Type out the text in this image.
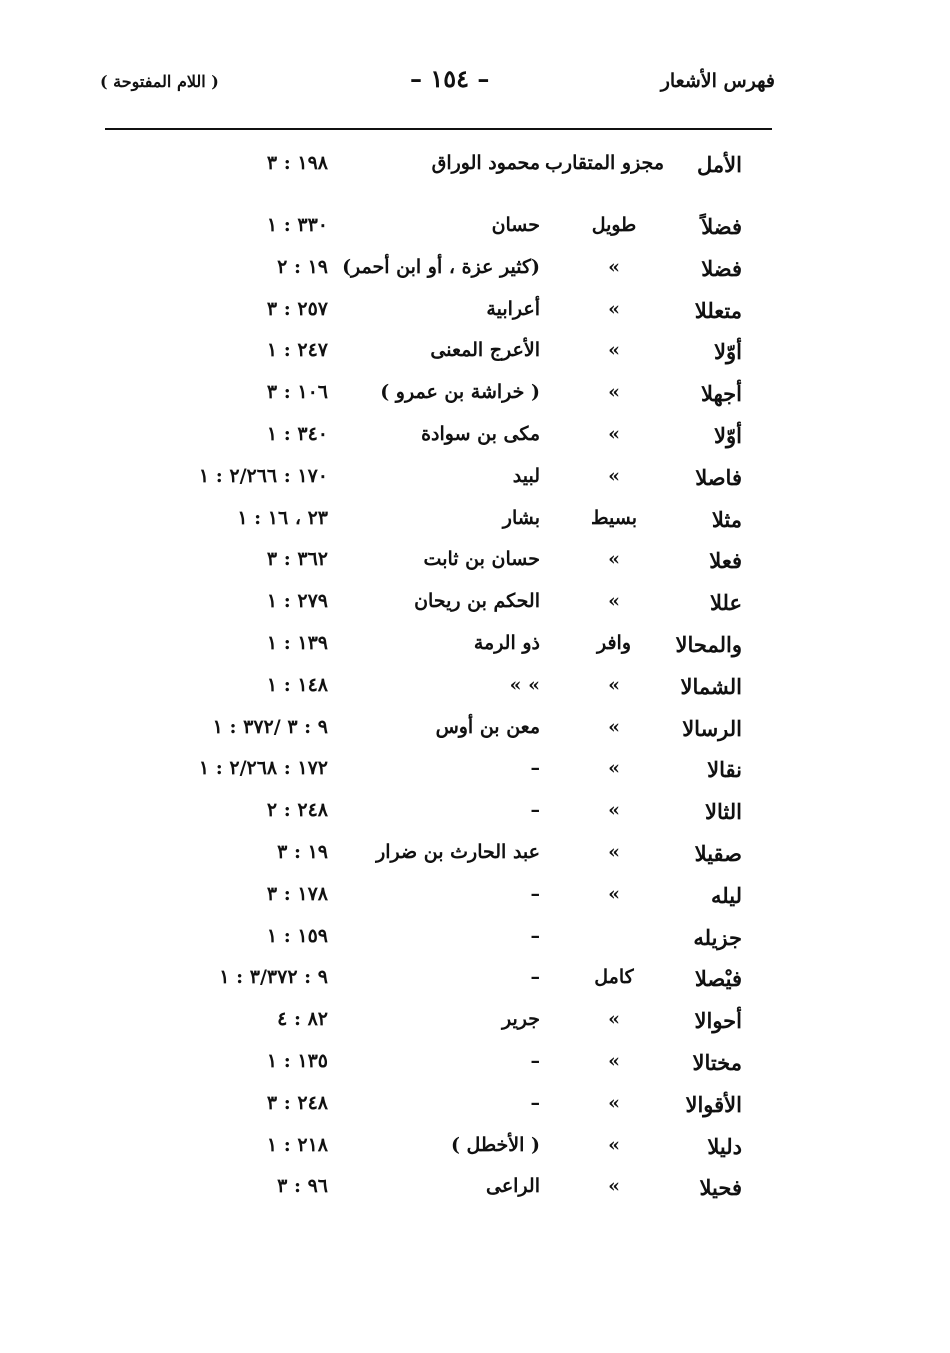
فهرس الأشعار
– ١٥٤ –
( اللام المفتوحة )
الأمل
مجزو المتقارب
محمود الوراق
١٩٨ : ٣
فضلاً
طويل
حسان
٣٣٠ : ١
فضلا
»
(كثير عزة ، أو ابن أحمر)
١٩ : ٢
متعللا
»
أعرابية
٢٥٧ : ٣
أوّلا
»
الأعرج المعنى
٢٤٧ : ١
أجهلا
»
( خراشة بن عمرو )
١٠٦ : ٣
أوّلا
»
مكى بن سوادة
٣٤٠ : ١
فاصلا
»
لبيد
١٧٠ : ٢/٢٦٦ : ١
مثلا
بسيط
بشار
٢٣ ، ١٦ : ١
فعلا
»
حسان بن ثابت
٣٦٢ : ٣
عللا
»
الحكم بن ريحان
٢٧٩ : ١
والمحالا
وافر
ذو الرمة
١٣٩ : ١
الشمالا
»
» »
١٤٨ : ١
الرسالا
»
معن بن أوس
٩ : ٣ /٣٧٢ : ١
نقالا
»
–
١٧٢ : ٢/٢٦٨ : ١
الثالا
»
–
٢٤٨ : ٢
صقيلا
»
عبد الحارث بن ضرار
١٩ : ٣
ليله
»
–
١٧٨ : ٣
جزيله
–
١٥٩ : ١
فيْصلا
كامل
–
٩ : ٣/٣٧٢ : ١
أحوالا
»
جرير
٨٢ : ٤
مختالا
»
–
١٣٥ : ١
الأقوالا
»
–
٢٤٨ : ٣
دليلا
»
( الأخطل )
٢١٨ : ١
فحيلا
»
الراعى
٩٦ : ٣
